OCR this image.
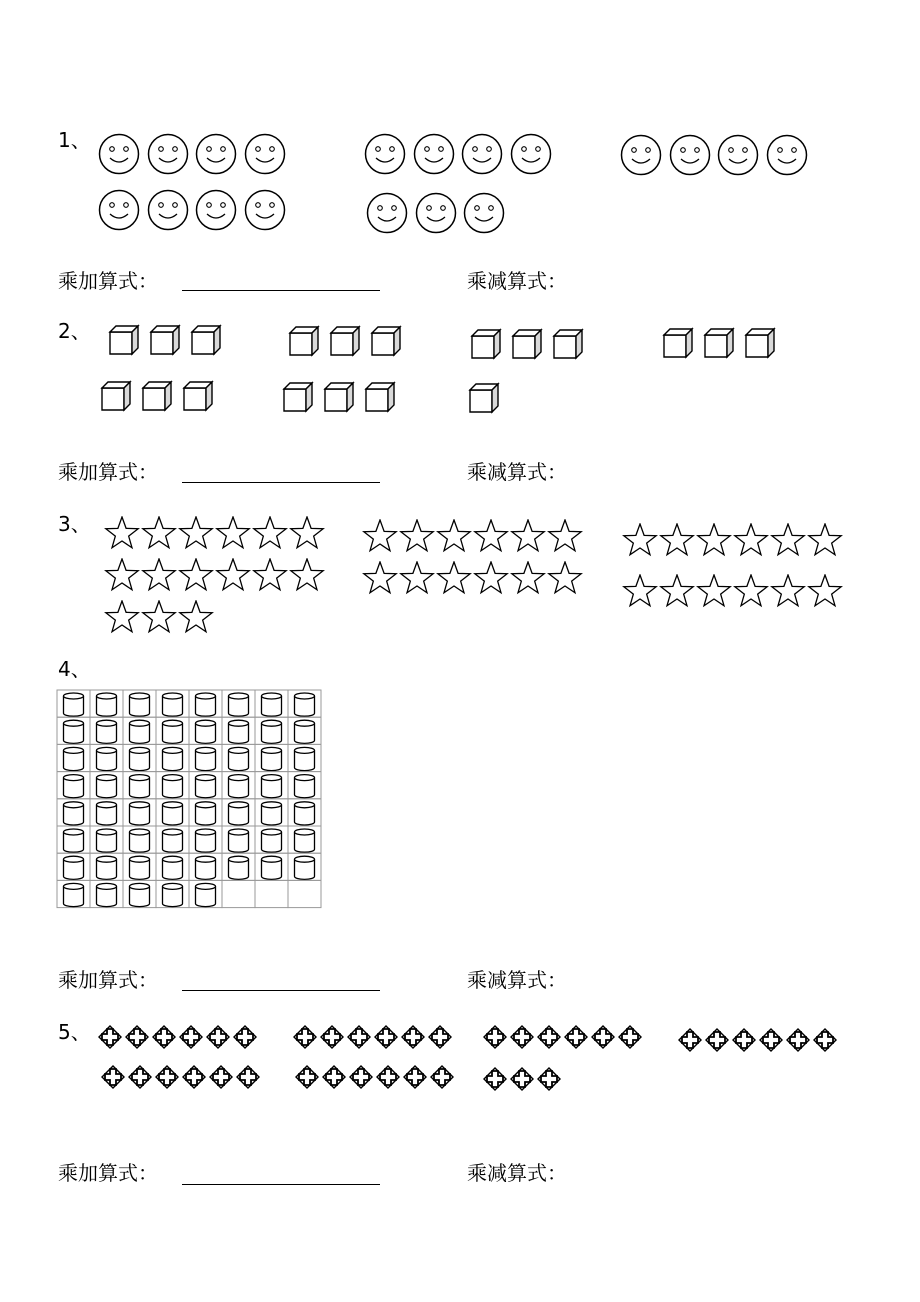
1、
2、
3、
4、
5、
乘加算式：	乘减算式：
乘加算式：	乘减算式：
乘加算式：	乘减算式：
乘加算式：	乘减算式：
